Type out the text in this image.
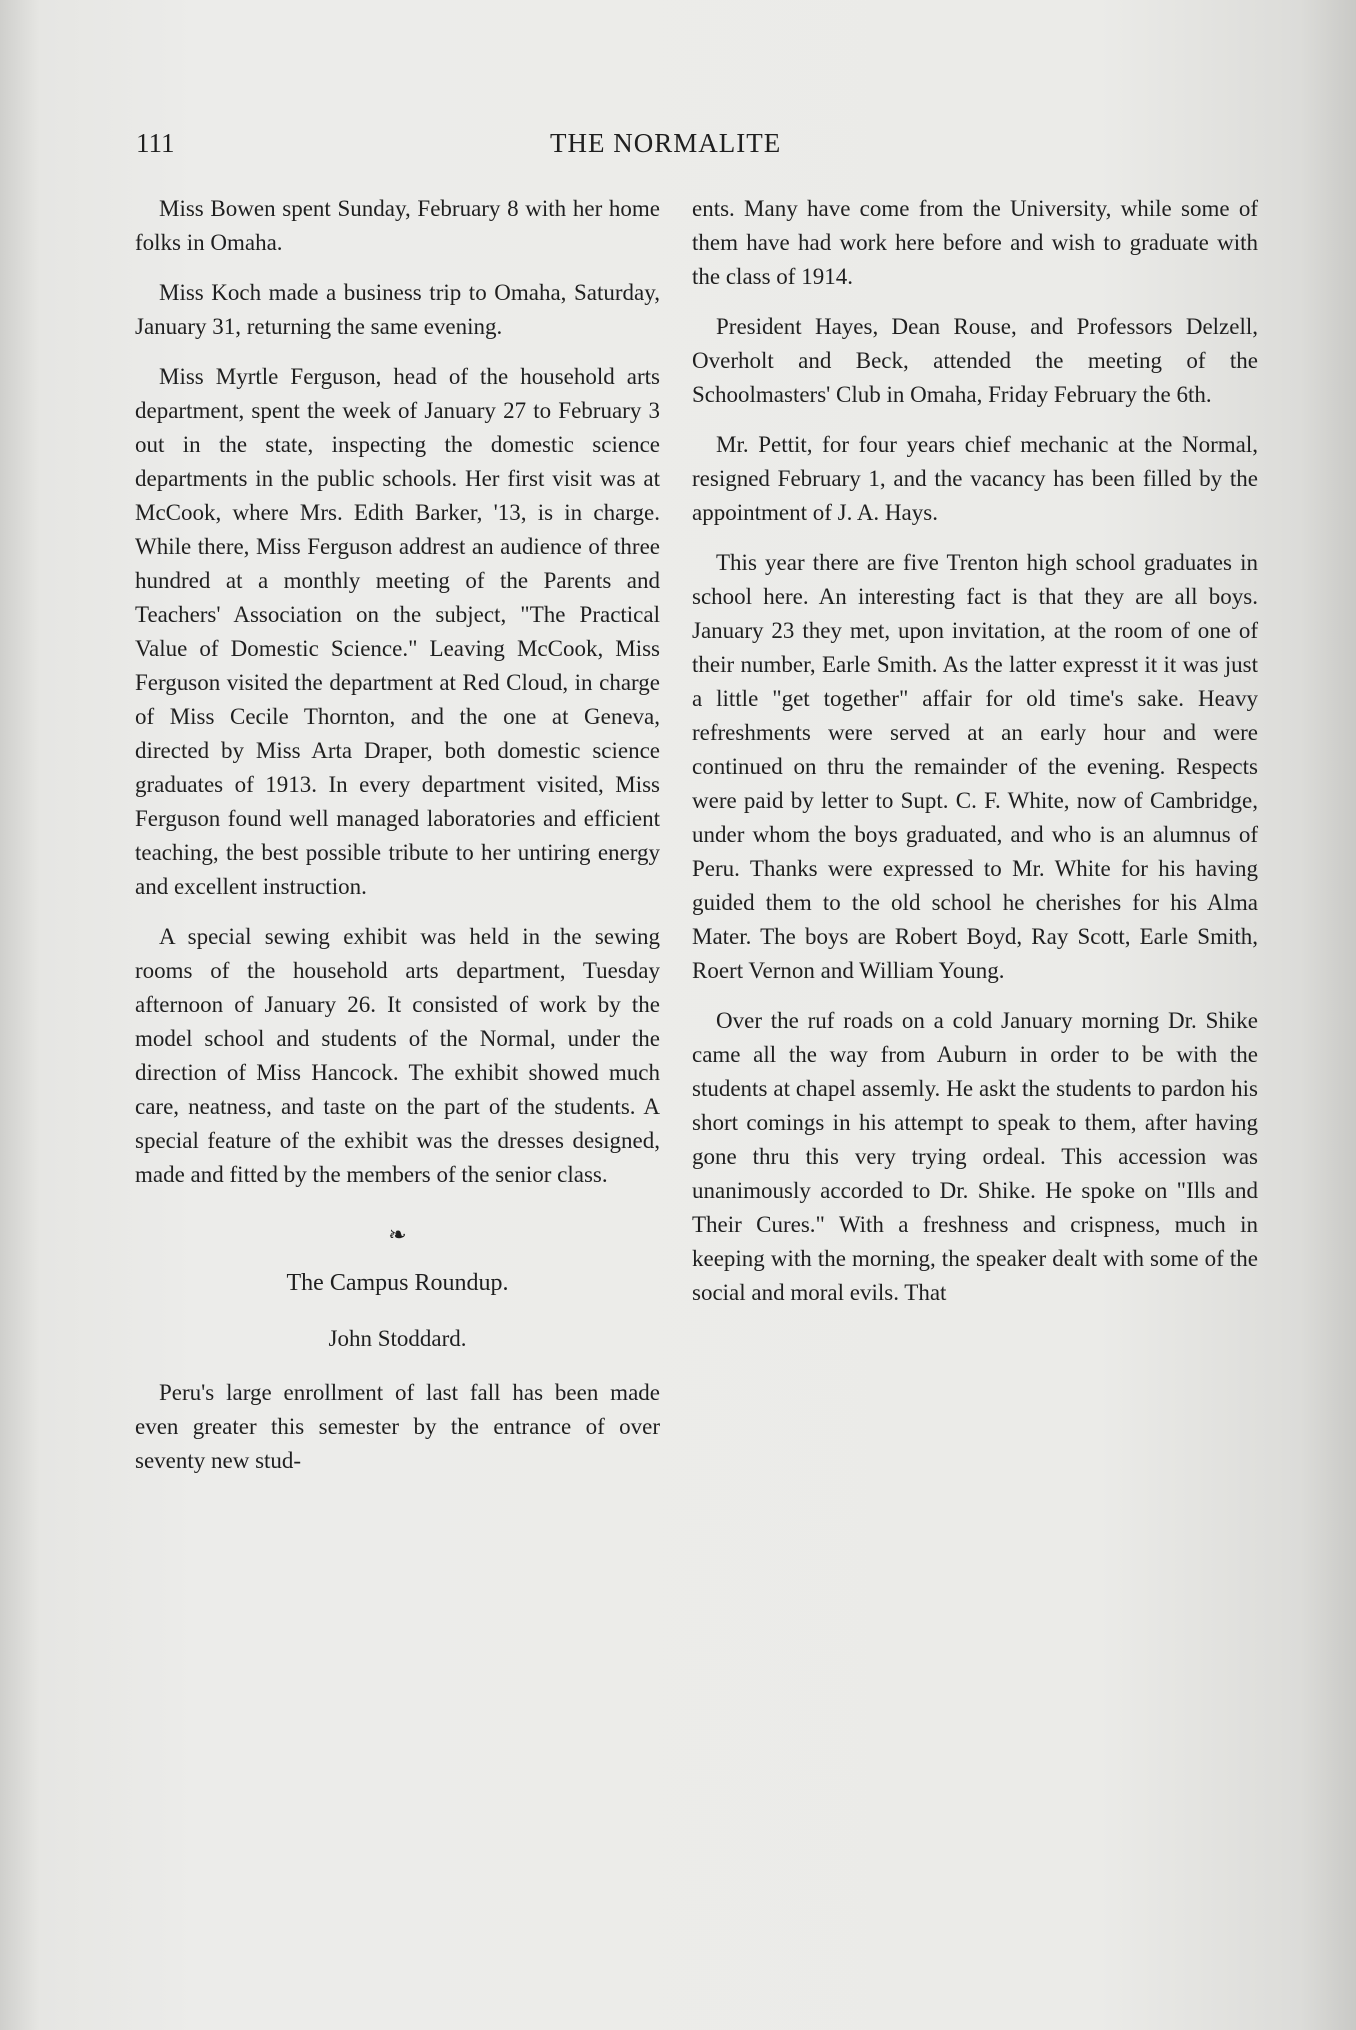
111	THE NORMALITE

Miss Bowen spent Sunday, February 8 with her home folks in Omaha.

Miss Koch made a business trip to Omaha, Saturday, January 31, returning the same evening.

Miss Myrtle Ferguson, head of the household arts department, spent the week of January 27 to February 3 out in the state, inspecting the domestic science departments in the public schools. Her first visit was at McCook, where Mrs. Edith Barker, '13, is in charge. While there, Miss Ferguson addrest an audience of three hundred at a monthly meeting of the Parents and Teachers' Association on the subject, "The Practical Value of Domestic Science." Leaving McCook, Miss Ferguson visited the department at Red Cloud, in charge of Miss Cecile Thornton, and the one at Geneva, directed by Miss Arta Draper, both domestic science graduates of 1913. In every department visited, Miss Ferguson found well managed laboratories and efficient teaching, the best possible tribute to her untiring energy and excellent instruction.

A special sewing exhibit was held in the sewing rooms of the household arts department, Tuesday afternoon of January 26. It consisted of work by the model school and students of the Normal, under the direction of Miss Hancock. The exhibit showed much care, neatness, and taste on the part of the students. A special feature of the exhibit was the dresses designed, made and fitted by the members of the senior class.

❧
The Campus Roundup.
John Stoddard.

Peru's large enrollment of last fall has been made even greater this semester by the entrance of over seventy new stud-

ents. Many have come from the University, while some of them have had work here before and wish to graduate with the class of 1914.

President Hayes, Dean Rouse, and Professors Delzell, Overholt and Beck, attended the meeting of the Schoolmasters' Club in Omaha, Friday February the 6th.

Mr. Pettit, for four years chief mechanic at the Normal, resigned February 1, and the vacancy has been filled by the appointment of J. A. Hays.

This year there are five Trenton high school graduates in school here. An interesting fact is that they are all boys. January 23 they met, upon invitation, at the room of one of their number, Earle Smith. As the latter expresst it it was just a little "get together" affair for old time's sake. Heavy refreshments were served at an early hour and were continued on thru the remainder of the evening. Respects were paid by letter to Supt. C. F. White, now of Cambridge, under whom the boys graduated, and who is an alumnus of Peru. Thanks were expressed to Mr. White for his having guided them to the old school he cherishes for his Alma Mater. The boys are Robert Boyd, Ray Scott, Earle Smith, Roert Vernon and William Young.

Over the ruf roads on a cold January morning Dr. Shike came all the way from Auburn in order to be with the students at chapel assemly. He askt the students to pardon his short comings in his attempt to speak to them, after having gone thru this very trying ordeal. This accession was unanimously accorded to Dr. Shike. He spoke on "Ills and Their Cures." With a freshness and crispness, much in keeping with the morning, the speaker dealt with some of the social and moral evils. That
